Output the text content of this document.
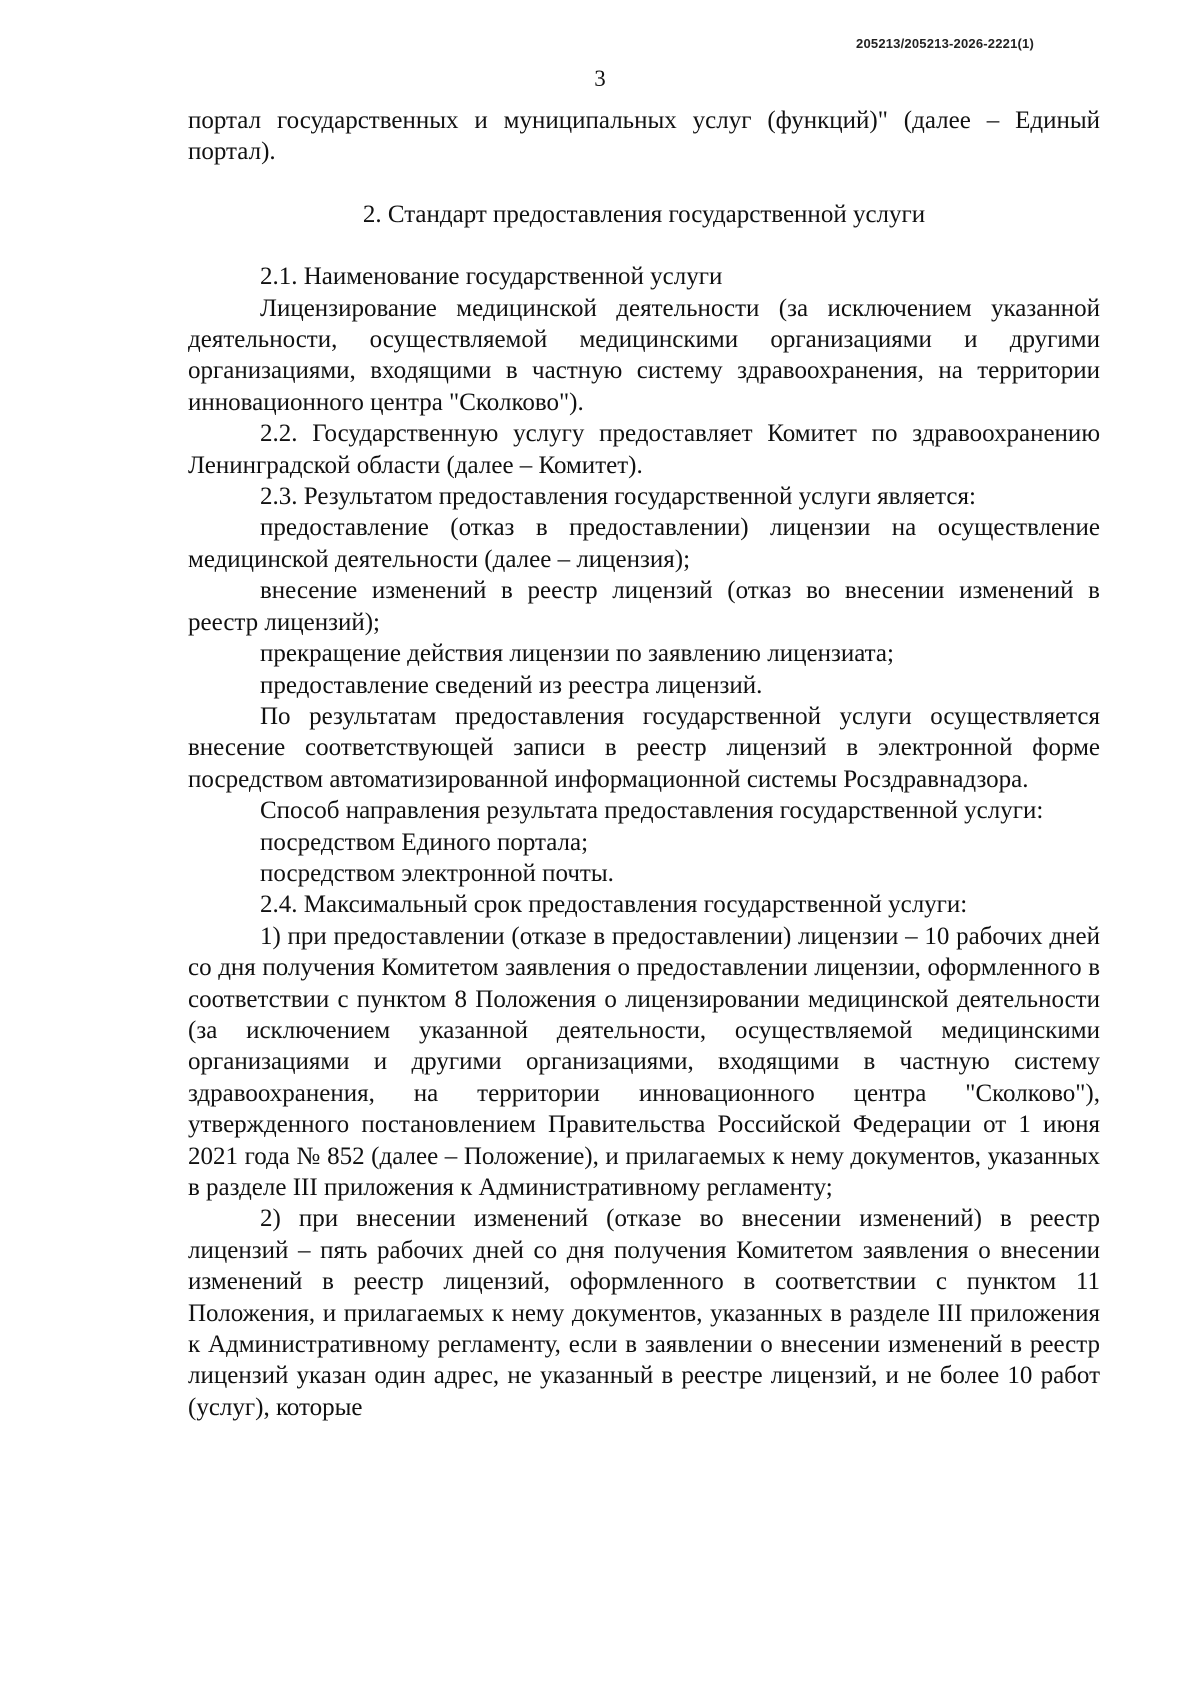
205213/205213-2026-2221(1)
3

портал государственных и муниципальных услуг (функций)" (далее – Единый портал).

2. Стандарт предоставления государственной услуги

2.1. Наименование государственной услуги

Лицензирование медицинской деятельности (за исключением указанной деятельности, осуществляемой медицинскими организациями и другими организациями, входящими в частную систему здравоохранения, на территории инновационного центра "Сколково").

2.2. Государственную услугу предоставляет Комитет по здравоохранению Ленинградской области (далее – Комитет).

2.3. Результатом предоставления государственной услуги является:

предоставление (отказ в предоставлении) лицензии на осуществление медицинской деятельности (далее – лицензия);

внесение изменений в реестр лицензий (отказ во внесении изменений в реестр лицензий);

прекращение действия лицензии по заявлению лицензиата;

предоставление сведений из реестра лицензий.

По результатам предоставления государственной услуги осуществляется внесение соответствующей записи в реестр лицензий в электронной форме посредством автоматизированной информационной системы Росздравнадзора.

Способ направления результата предоставления государственной услуги:

посредством Единого портала;

посредством электронной почты.

2.4. Максимальный срок предоставления государственной услуги:

1) при предоставлении (отказе в предоставлении) лицензии – 10 рабочих дней со дня получения Комитетом заявления о предоставлении лицензии, оформленного в соответствии с пунктом 8 Положения о лицензировании медицинской деятельности (за исключением указанной деятельности, осуществляемой медицинскими организациями и другими организациями, входящими в частную систему здравоохранения, на территории инновационного центра "Сколково"), утвержденного постановлением Правительства Российской Федерации от 1 июня 2021 года № 852 (далее – Положение), и прилагаемых к нему документов, указанных в разделе III приложения к Административному регламенту;

2) при внесении изменений (отказе во внесении изменений) в реестр лицензий – пять рабочих дней со дня получения Комитетом заявления о внесении изменений в реестр лицензий, оформленного в соответствии с пунктом 11 Положения, и прилагаемых к нему документов, указанных в разделе III приложения к Административному регламенту, если в заявлении о внесении изменений в реестр лицензий указан один адрес, не указанный в реестре лицензий, и не более 10 работ (услуг), которые
